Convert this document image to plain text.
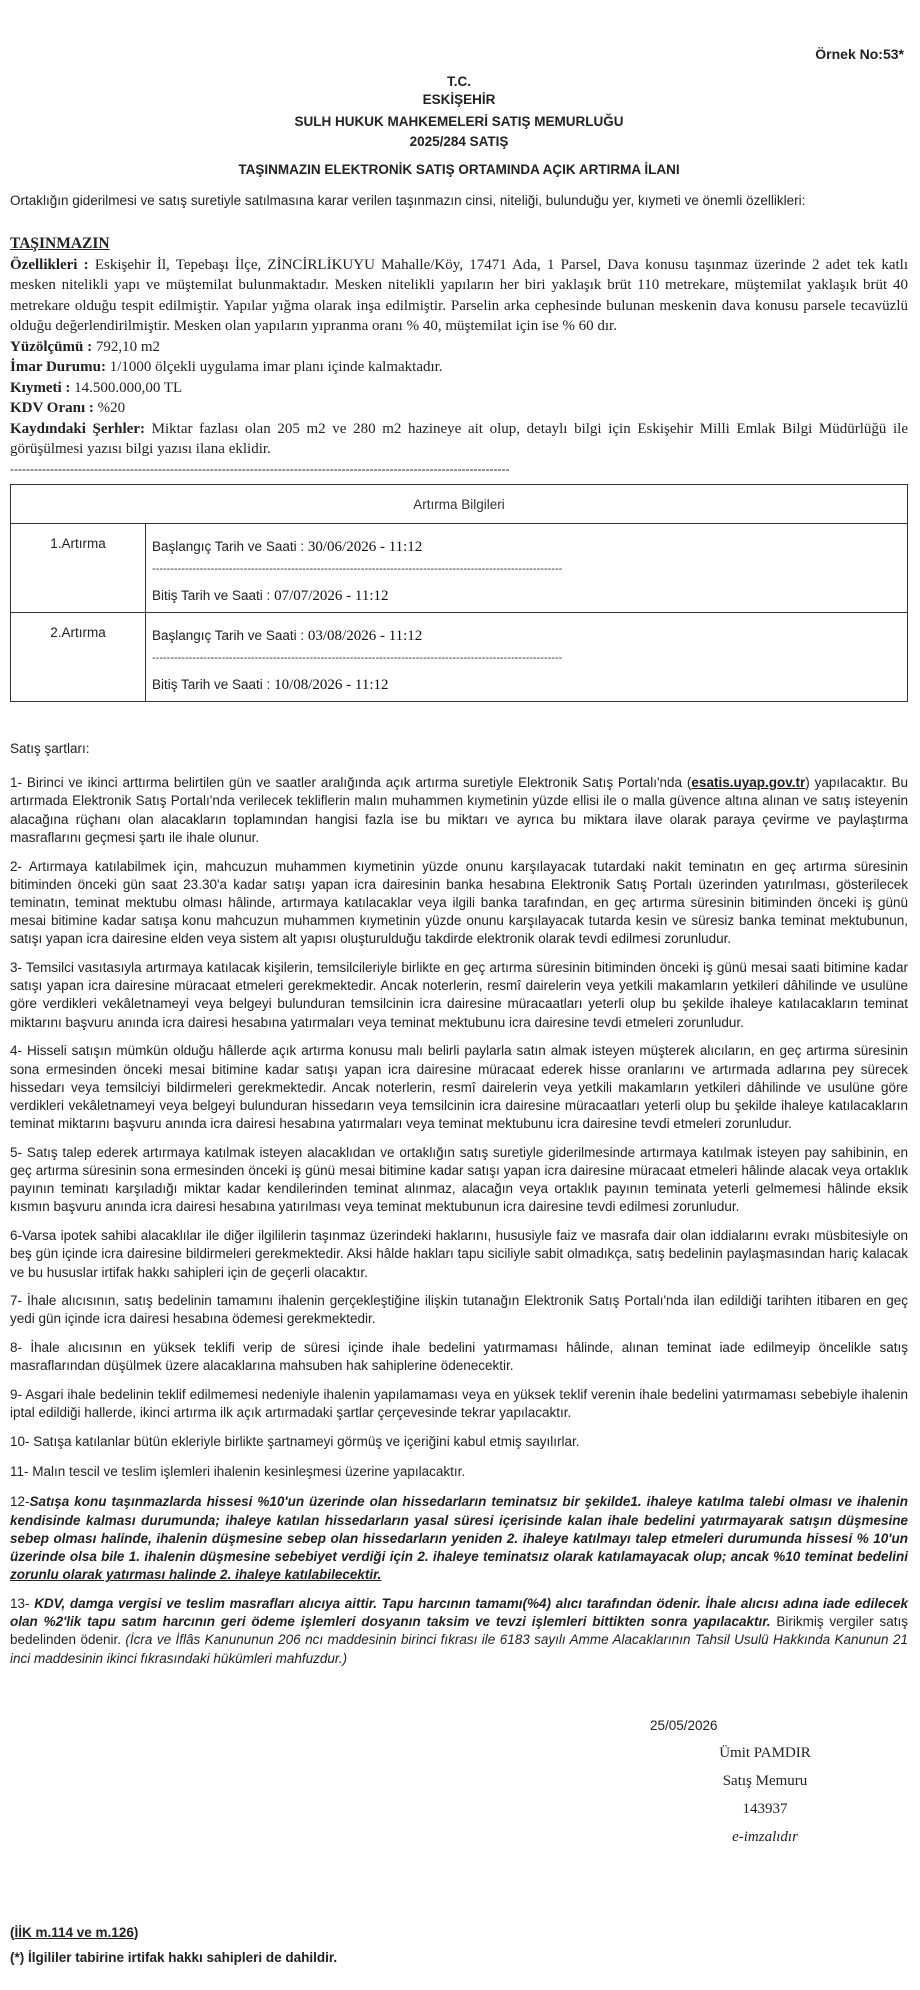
Örnek No:53*
T.C.
ESKİŞEHİR
SULH HUKUK MAHKEMELERİ SATIŞ MEMURLUĞU
2025/284 SATIŞ
TAŞINMAZIN ELEKTRONİK SATIŞ ORTAMINDA AÇIK ARTIRMA İLANI
Ortaklığın giderilmesi ve satış suretiyle satılmasına karar verilen taşınmazın cinsi, niteliği, bulunduğu yer, kıymeti ve önemli özellikleri:
TAŞINMAZIN
Özellikleri : Eskişehir İl, Tepebaşı İlçe, ZİNCİRLİKUYU Mahalle/Köy, 17471 Ada, 1 Parsel, Dava konusu taşınmaz üzerinde 2 adet tek katlı mesken nitelikli yapı ve müştemilat bulunmaktadır. Mesken nitelikli yapıların her biri yaklaşık brüt 110 metrekare, müştemilat yaklaşık brüt 40 metrekare olduğu tespit edilmiştir. Yapılar yığma olarak inşa edilmiştir. Parselin arka cephesinde bulunan meskenin dava konusu parsele tecavüzlü olduğu değerlendirilmiştir. Mesken olan yapıların yıpranma oranı % 40, müştemilat için ise % 60 dır.
Yüzölçümü : 792,10 m2
İmar Durumu: 1/1000 ölçekli uygulama imar planı içinde kalmaktadır.
Kıymeti : 14.500.000,00 TL
KDV Oranı : %20
Kaydındaki Şerhler: Miktar fazlası olan 205 m2 ve 280 m2 hazineye ait olup, detaylı bilgi için Eskişehir Milli Emlak Bilgi Müdürlüğü ile görüşülmesi yazısı bilgi yazısı ilana eklidir.
-----------------------------------------------------------------------------------------------------------------------------
Artırma Bilgileri	
1.Artırma	Başlangıç Tarih ve Saati : 30/06/2026 - 11:12
----------------------------------------------------------------------------------------------------------------
Bitiş Tarih ve Saati : 07/07/2026 - 11:12

2.Artırma	Başlangıç Tarih ve Saati : 03/08/2026 - 11:12
----------------------------------------------------------------------------------------------------------------
Bitiş Tarih ve Saati : 10/08/2026 - 11:12

Satış şartları:

1- Birinci ve ikinci arttırma belirtilen gün ve saatler aralığında açık artırma suretiyle Elektronik Satış Portalı'nda (esatis.uyap.gov.tr) yapılacaktır. Bu artırmada Elektronik Satış Portalı'nda verilecek tekliflerin malın muhammen kıymetinin yüzde ellisi ile o malla güvence altına alınan ve satış isteyenin alacağına rüçhanı olan alacakların toplamından hangisi fazla ise bu miktarı ve ayrıca bu miktara ilave olarak paraya çevirme ve paylaştırma masraflarını geçmesi şartı ile ihale olunur.

2- Artırmaya katılabilmek için, mahcuzun muhammen kıymetinin yüzde onunu karşılayacak tutardaki nakit teminatın en geç artırma süresinin bitiminden önceki gün saat 23.30'a kadar satışı yapan icra dairesinin banka hesabına Elektronik Satış Portalı üzerinden yatırılması, gösterilecek teminatın, teminat mektubu olması hâlinde, artırmaya katılacaklar veya ilgili banka tarafından, en geç artırma süresinin bitiminden önceki iş günü mesai bitimine kadar satışa konu mahcuzun muhammen kıymetinin yüzde onunu karşılayacak tutarda kesin ve süresiz banka teminat mektubunun, satışı yapan icra dairesine elden veya sistem alt yapısı oluşturulduğu takdirde elektronik olarak tevdi edilmesi zorunludur.

3- Temsilci vasıtasıyla artırmaya katılacak kişilerin, temsilcileriyle birlikte en geç artırma süresinin bitiminden önceki iş günü mesai saati bitimine kadar satışı yapan icra dairesine müracaat etmeleri gerekmektedir. Ancak noterlerin, resmî dairelerin veya yetkili makamların yetkileri dâhilinde ve usulüne göre verdikleri vekâletnameyi veya belgeyi bulunduran temsilcinin icra dairesine müracaatları yeterli olup bu şekilde ihaleye katılacakların teminat miktarını başvuru anında icra dairesi hesabına yatırmaları veya teminat mektubunu icra dairesine tevdi etmeleri zorunludur.

4- Hisseli satışın mümkün olduğu hâllerde açık artırma konusu malı belirli paylarla satın almak isteyen müşterek alıcıların, en geç artırma süresinin sona ermesinden önceki mesai bitimine kadar satışı yapan icra dairesine müracaat ederek hisse oranlarını ve artırmada adlarına pey sürecek hissedarı veya temsilciyi bildirmeleri gerekmektedir. Ancak noterlerin, resmî dairelerin veya yetkili makamların yetkileri dâhilinde ve usulüne göre verdikleri vekâletnameyi veya belgeyi bulunduran hissedarın veya temsilcinin icra dairesine müracaatları yeterli olup bu şekilde ihaleye katılacakların teminat miktarını başvuru anında icra dairesi hesabına yatırmaları veya teminat mektubunu icra dairesine tevdi etmeleri zorunludur.

5- Satış talep ederek artırmaya katılmak isteyen alacaklıdan ve ortaklığın satış suretiyle giderilmesinde artırmaya katılmak isteyen pay sahibinin, en geç artırma süresinin sona ermesinden önceki iş günü mesai bitimine kadar satışı yapan icra dairesine müracaat etmeleri hâlinde alacak veya ortaklık payının teminatı karşıladığı miktar kadar kendilerinden teminat alınmaz, alacağın veya ortaklık payının teminata yeterli gelmemesi hâlinde eksik kısmın başvuru anında icra dairesi hesabına yatırılması veya teminat mektubunun icra dairesine tevdi edilmesi zorunludur.

6-Varsa ipotek sahibi alacaklılar ile diğer ilgililerin taşınmaz üzerindeki haklarını, hususiyle faiz ve masrafa dair olan iddialarını evrakı müsbitesiyle on beş gün içinde icra dairesine bildirmeleri gerekmektedir. Aksi hâlde hakları tapu siciliyle sabit olmadıkça, satış bedelinin paylaşmasından hariç kalacak ve bu hususlar irtifak hakkı sahipleri için de geçerli olacaktır.

7- İhale alıcısının, satış bedelinin tamamını ihalenin gerçekleştiğine ilişkin tutanağın Elektronik Satış Portalı'nda ilan edildiği tarihten itibaren en geç yedi gün içinde icra dairesi hesabına ödemesi gerekmektedir.

8- İhale alıcısının en yüksek teklifi verip de süresi içinde ihale bedelini yatırmaması hâlinde, alınan teminat iade edilmeyip öncelikle satış masraflarından düşülmek üzere alacaklarına mahsuben hak sahiplerine ödenecektir.

9- Asgari ihale bedelinin teklif edilmemesi nedeniyle ihalenin yapılamaması veya en yüksek teklif verenin ihale bedelini yatırmaması sebebiyle ihalenin iptal edildiği hallerde, ikinci artırma ilk açık artırmadaki şartlar çerçevesinde tekrar yapılacaktır.

10- Satışa katılanlar bütün ekleriyle birlikte şartnameyi görmüş ve içeriğini kabul etmiş sayılırlar.

11- Malın tescil ve teslim işlemleri ihalenin kesinleşmesi üzerine yapılacaktır.

12-Satışa konu taşınmazlarda hissesi %10'un üzerinde olan hissedarların teminatsız bir şekilde1. ihaleye katılma talebi olması ve ihalenin kendisinde kalması durumunda; ihaleye katılan hissedarların yasal süresi içerisinde kalan ihale bedelini yatırmayarak satışın düşmesine sebep olması halinde, ihalenin düşmesine sebep olan hissedarların yeniden 2. ihaleye katılmayı talep etmeleri durumunda hissesi % 10'un üzerinde olsa bile 1. ihalenin düşmesine sebebiyet verdiği için 2. ihaleye teminatsız olarak katılamayacak olup; ancak %10 teminat bedelini zorunlu olarak yatırması halinde 2. ihaleye katılabilecektir.

13- KDV, damga vergisi ve teslim masrafları alıcıya aittir. Tapu harcının tamamı(%4) alıcı tarafından ödenir. İhale alıcısı adına iade edilecek olan %2'lik tapu satım harcının geri ödeme işlemleri dosyanın taksim ve tevzi işlemleri bittikten sonra yapılacaktır. Birikmiş vergiler satış bedelinden ödenir. (İcra ve İflâs Kanununun 206 ncı maddesinin birinci fıkrası ile 6183 sayılı Amme Alacaklarının Tahsil Usulü Hakkında Kanunun 21 inci maddesinin ikinci fıkrasındaki hükümleri mahfuzdur.)

25/05/2026
Ümit PAMDIR
Satış Memuru
143937
e-imzalıdır
(İİK m.114 ve m.126)
(*) İlgililer tabirine irtifak hakkı sahipleri de dahildir.
